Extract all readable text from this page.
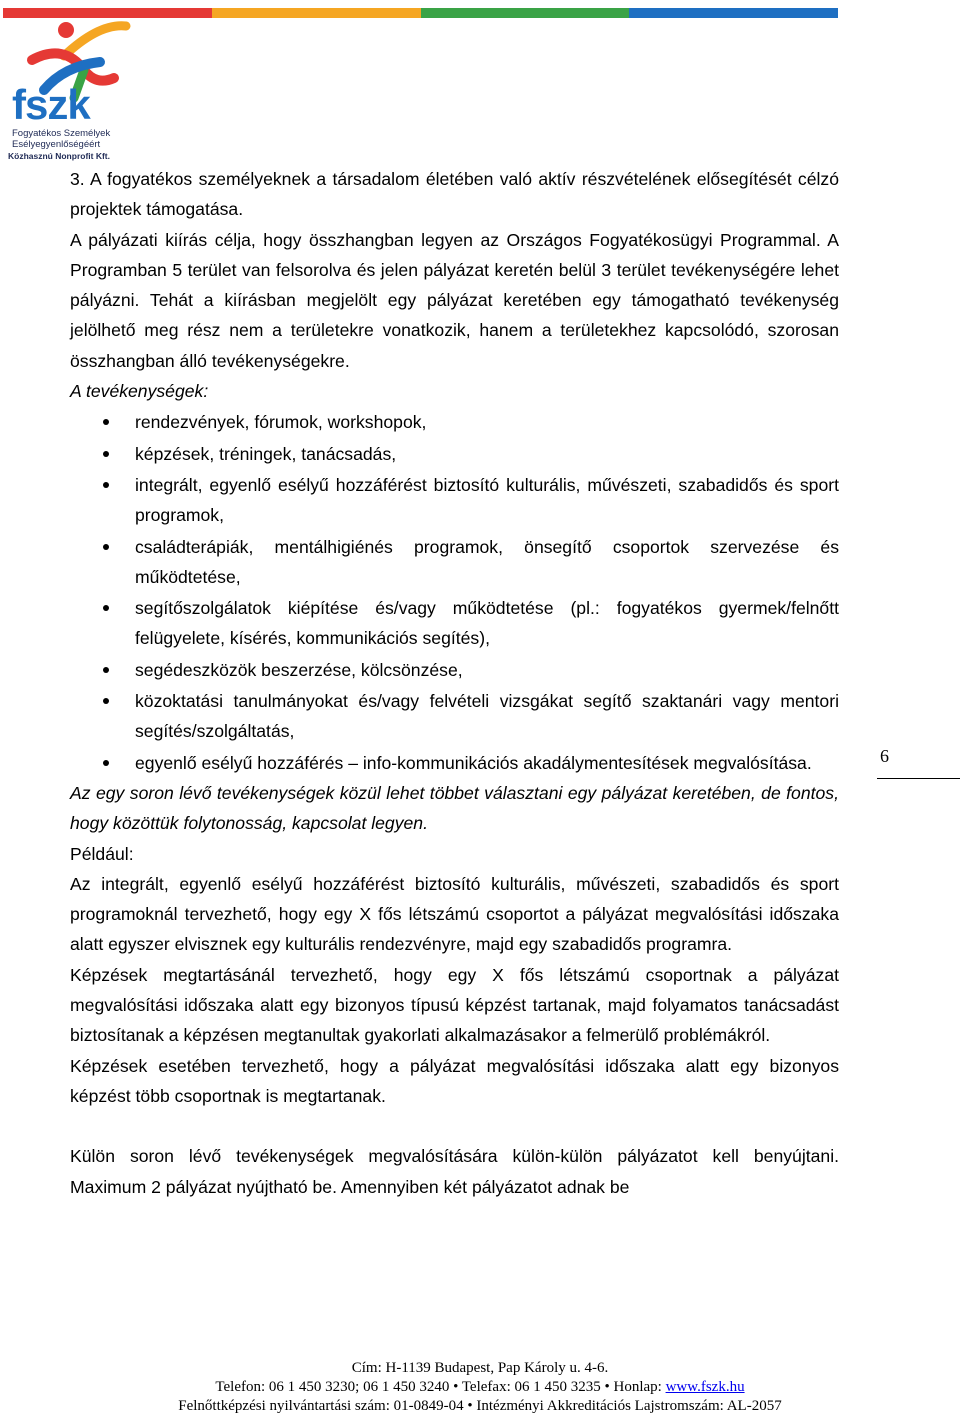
fszk
Fogyatékos Személyek
Esélyegyenlőségéért
Közhasznú Nonprofit Kft.

3. A fogyatékos személyeknek a társadalom életében való aktív részvételének elősegítését célzó projektek támogatása.

A pályázati kiírás célja, hogy összhangban legyen az Országos Fogyatékosügyi Programmal. A Programban 5 terület van felsorolva és jelen pályázat keretén belül 3 terület tevékenységére lehet pályázni. Tehát a kiírásban megjelölt egy pályázat keretében egy támogatható tevékenység jelölhető meg rész nem a területekre vonatkozik, hanem a területekhez kapcsolódó, szorosan összhangban álló tevékenységekre.

A tevékenységek:

rendezvények, fórumok, workshopok,
képzések, tréningek, tanácsadás,
integrált, egyenlő esélyű hozzáférést biztosító kulturális, művészeti, szabadidős és sport programok,
családterápiák, mentálhigiénés programok, önsegítő csoportok szervezése és működtetése,
segítőszolgálatok kiépítése és/vagy működtetése (pl.: fogyatékos gyermek/felnőtt felügyelete, kísérés, kommunikációs segítés),
segédeszközök beszerzése, kölcsönzése,
közoktatási tanulmányokat és/vagy felvételi vizsgákat segítő szaktanári vagy mentori segítés/szolgáltatás,
egyenlő esélyű hozzáférés – info-kommunikációs akadálymentesítések megvalósítása.

Az egy soron lévő tevékenységek közül lehet többet választani egy pályázat keretében, de fontos, hogy közöttük folytonosság, kapcsolat legyen.

Például:

Az integrált, egyenlő esélyű hozzáférést biztosító kulturális, művészeti, szabadidős és sport programoknál tervezhető, hogy egy X fős létszámú csoportot a pályázat megvalósítási időszaka alatt egyszer elvisznek egy kulturális rendezvényre, majd egy szabadidős programra.

Képzések megtartásánál tervezhető, hogy egy X fős létszámú csoportnak a pályázat megvalósítási időszaka alatt egy bizonyos típusú képzést tartanak, majd folyamatos tanácsadást biztosítanak a képzésen megtanultak gyakorlati alkalmazásakor a felmerülő problémákról.

Képzések esetében tervezhető, hogy a pályázat megvalósítási időszaka alatt egy bizonyos képzést több csoportnak is megtartanak.

Külön soron lévő tevékenységek megvalósítására külön-külön pályázatot kell benyújtani. Maximum 2 pályázat nyújtható be. Amennyiben két pályázatot adnak be

6
Cím: H-1139 Budapest, Pap Károly u. 4-6.
Telefon: 06 1 450 3230; 06 1 450 3240 • Telefax: 06 1 450 3235 • Honlap: www.fszk.hu
Felnőttképzési nyilvántartási szám: 01-0849-04 • Intézményi Akkreditációs Lajstromszám: AL-2057
